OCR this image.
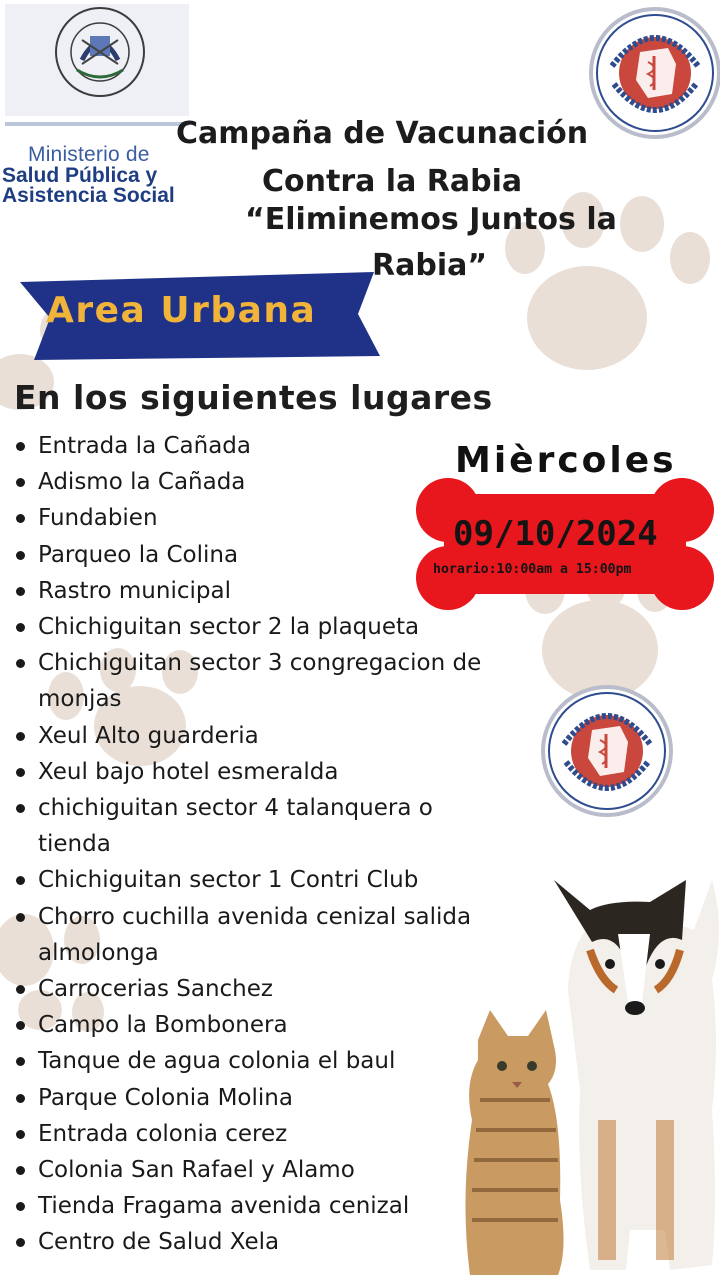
Ministerio de
Salud Pública y
Asistencia Social
Campaña de Vacunación
Contra la Rabia
“Eliminemos Juntos la
Rabia”
Area Urbana
En los siguientes lugares
Entrada la Cañada
Adismo la Cañada
Fundabien
Parqueo la Colina
Rastro municipal
Chichiguitan sector 2 la plaqueta
Chichiguitan sector 3 congregacion de monjas
Xeul Alto guarderia
Xeul bajo hotel esmeralda
chichiguitan sector 4 talanquera o tienda
Chichiguitan sector 1 Contri Club
Chorro cuchilla avenida cenizal salida almolonga
Carrocerias Sanchez
Campo la Bombonera
Tanque de agua colonia el baul
Parque Colonia Molina
Entrada colonia cerez
Colonia San Rafael y Alamo
Tienda Fragama avenida cenizal
Centro de Salud Xela
Mièrcoles
09/10/2024
horario:10:00am a 15:00pm
